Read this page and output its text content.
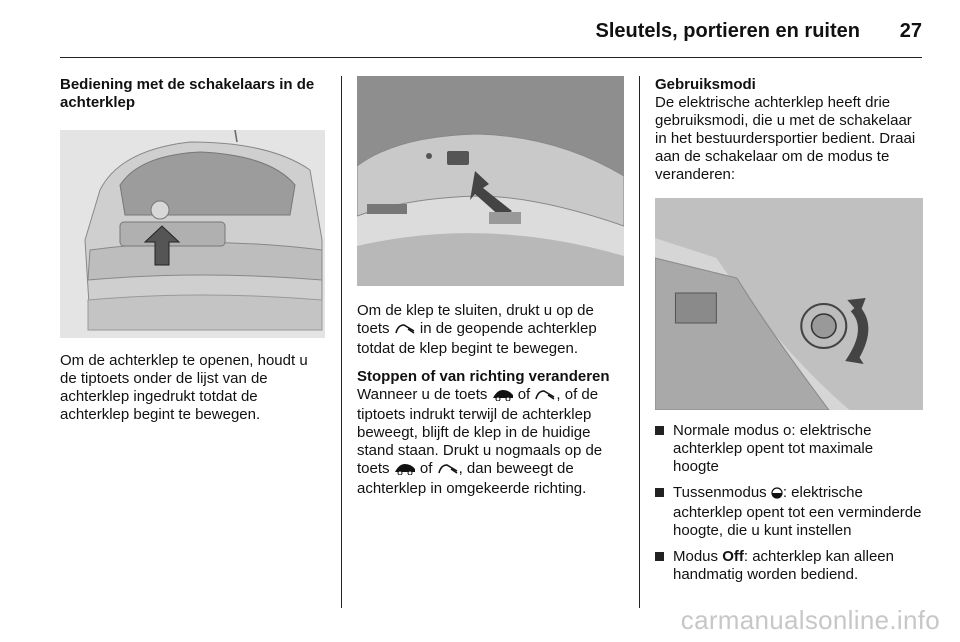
Sleutels, portieren en ruiten 27
Bediening met de schakelaars in de achterklep

Om de achterklep te openen, houdt u de tiptoets onder de lijst van de achterklep ingedrukt totdat de achterklep begint te bewegen.

Om de klep te sluiten, drukt u op de toets in de geopende achterklep totdat de klep begint te bewegen.

Stoppen of van richting veranderen

Wanneer u de toets of , of de tiptoets indrukt terwijl de achterklep beweegt, blijft de klep in de huidige stand staan. Drukt u nogmaals op de toets of , dan beweegt de achterklep in omgekeerde richting.

Gebruiksmodi

De elektrische achterklep heeft drie gebruiksmodi, die u met de schakelaar in het bestuurdersportier bedient. Draai aan de schakelaar om de modus te veranderen:

Normale modus o: elektrische achterklep opent tot maximale hoogte
Tussenmodus : elektrische achterklep opent tot een verminderde hoogte, die u kunt instellen
Modus Off: achterklep kan alleen handmatig worden bediend.
carmanualsonline.info
